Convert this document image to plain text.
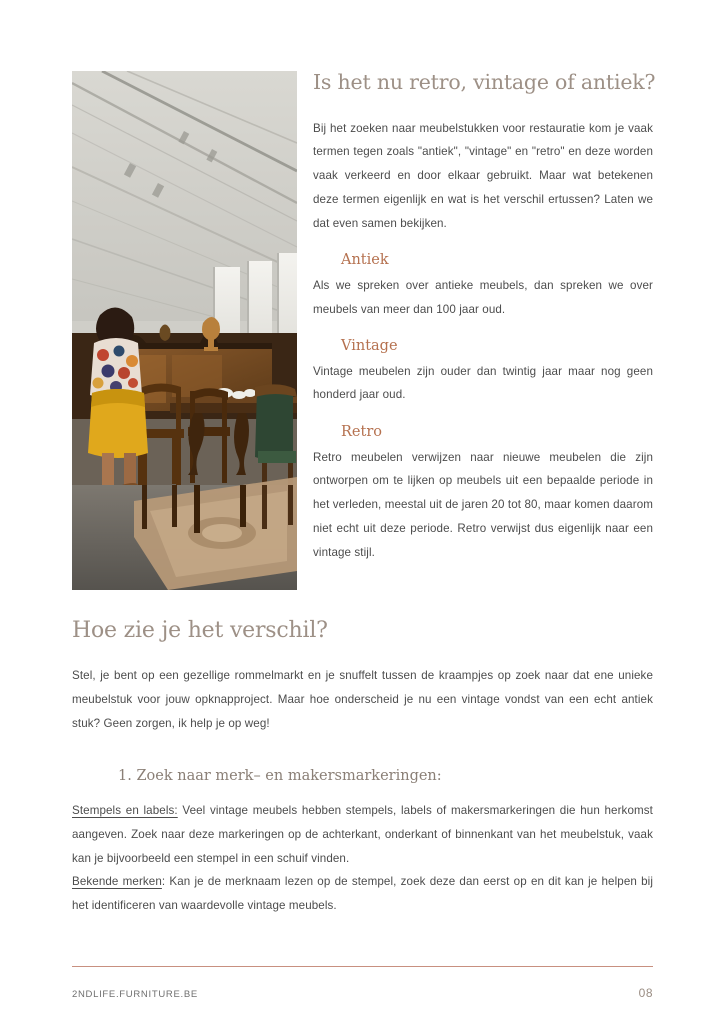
Is het nu retro, vintage of antiek?

Bij het zoeken naar meubelstukken voor restauratie kom je vaak termen tegen zoals "antiek", "vintage" en "retro" en deze worden vaak verkeerd en door elkaar gebruikt. Maar wat betekenen deze termen eigenlijk en wat is het verschil ertussen? Laten we dat even samen bekijken.

Antiek

Als we spreken over antieke meubels, dan spreken we over meubels van meer dan 100 jaar oud.

Vintage

Vintage meubelen zijn ouder dan twintig jaar maar nog geen honderd jaar oud.

Retro

Retro meubelen verwijzen naar nieuwe meubelen die zijn ontworpen om te lijken op meubels uit een bepaalde periode in het verleden, meestal uit de jaren 20 tot 80, maar komen daarom niet echt uit deze periode. Retro verwijst dus eigenlijk naar een vintage stijl.

Hoe zie je het verschil?

Stel, je bent op een gezellige rommelmarkt en je snuffelt tussen de kraampjes op zoek naar dat ene unieke meubelstuk voor jouw opknapproject. Maar hoe onderscheid je nu een vintage vondst van een echt antiek stuk? Geen zorgen, ik help je op weg!

1. Zoek naar merk– en makersmarkeringen:

Stempels en labels: Veel vintage meubels hebben stempels, labels of makersmarkeringen die hun herkomst aangeven. Zoek naar deze markeringen op de achterkant, onderkant of binnenkant van het meubelstuk, vaak kan je bijvoorbeeld een stempel in een schuif vinden.

Bekende merken: Kan je de merknaam lezen op de stempel, zoek deze dan eerst op en dit kan je helpen bij het identificeren van waardevolle vintage meubels.

2NDLIFE.FURNITURE.BE	08
